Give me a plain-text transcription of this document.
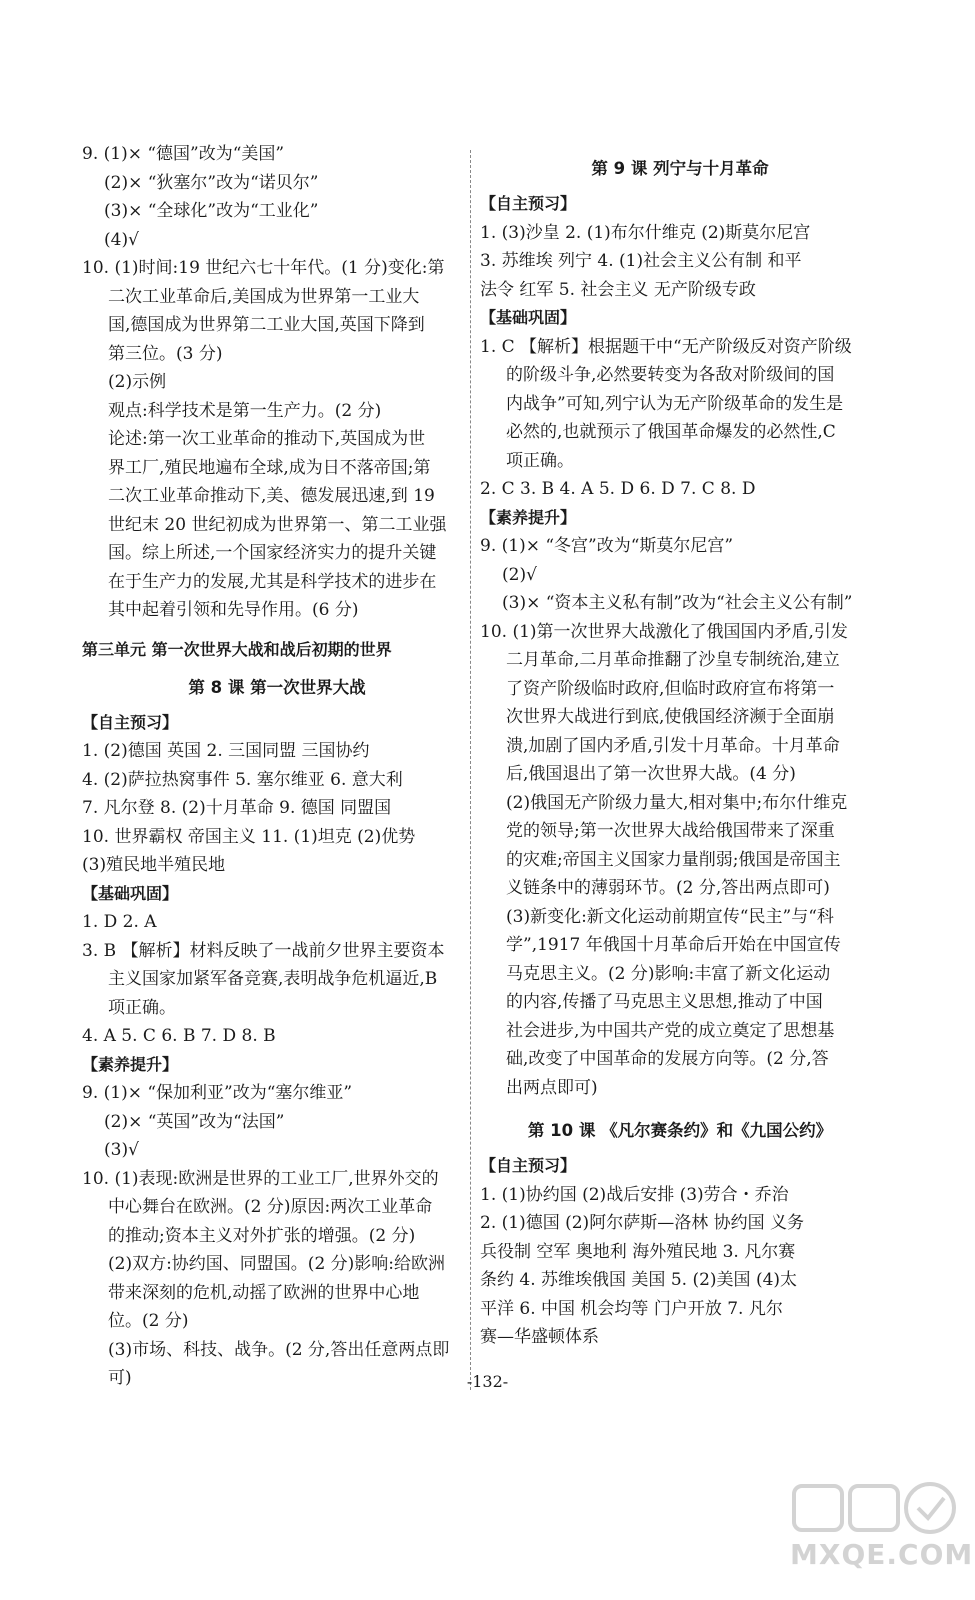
9. (1)× “德国”改为“美国”
(2)× “狄塞尔”改为“诺贝尔”
(3)× “全球化”改为“工业化”
(4)√
10. (1)时间:19 世纪六七十年代。(1 分)变化:第
二次工业革命后,美国成为世界第一工业大
国,德国成为世界第二工业大国,英国下降到
第三位。(3 分)
(2)示例
观点:科学技术是第一生产力。(2 分)
论述:第一次工业革命的推动下,英国成为世
界工厂,殖民地遍布全球,成为日不落帝国;第
二次工业革命推动下,美、德发展迅速,到 19
世纪末 20 世纪初成为世界第一、第二工业强
国。综上所述,一个国家经济实力的提升关键
在于生产力的发展,尤其是科学技术的进步在
其中起着引领和先导作用。(6 分)
第三单元 第一次世界大战和战后初期的世界
第 8 课 第一次世界大战
【自主预习】
1. (2)德国 英国 2. 三国同盟 三国协约
4. (2)萨拉热窝事件 5. 塞尔维亚 6. 意大利
7. 凡尔登 8. (2)十月革命 9. 德国 同盟国
10. 世界霸权 帝国主义 11. (1)坦克 (2)优势
(3)殖民地半殖民地
【基础巩固】
1. D 2. A
3. B 【解析】材料反映了一战前夕世界主要资本
主义国家加紧军备竞赛,表明战争危机逼近,B
项正确。
4. A 5. C 6. B 7. D 8. B
【素养提升】
9. (1)× “保加利亚”改为“塞尔维亚”
(2)× “英国”改为“法国”
(3)√
10. (1)表现:欧洲是世界的工业工厂,世界外交的
中心舞台在欧洲。(2 分)原因:两次工业革命
的推动;资本主义对外扩张的增强。(2 分)
(2)双方:协约国、同盟国。(2 分)影响:给欧洲
带来深刻的危机,动摇了欧洲的世界中心地
位。(2 分)
(3)市场、科技、战争。(2 分,答出任意两点即
可)
第 9 课 列宁与十月革命
【自主预习】
1. (3)沙皇 2. (1)布尔什维克 (2)斯莫尔尼宫
3. 苏维埃 列宁 4. (1)社会主义公有制 和平
法令 红军 5. 社会主义 无产阶级专政
【基础巩固】
1. C 【解析】根据题干中“无产阶级反对资产阶级
的阶级斗争,必然要转变为各敌对阶级间的国
内战争”可知,列宁认为无产阶级革命的发生是
必然的,也就预示了俄国革命爆发的必然性,C
项正确。
2. C 3. B 4. A 5. D 6. D 7. C 8. D
【素养提升】
9. (1)× “冬宫”改为“斯莫尔尼宫”
(2)√
(3)× “资本主义私有制”改为“社会主义公有制”
10. (1)第一次世界大战激化了俄国国内矛盾,引发
二月革命,二月革命推翻了沙皇专制统治,建立
了资产阶级临时政府,但临时政府宣布将第一
次世界大战进行到底,使俄国经济濒于全面崩
溃,加剧了国内矛盾,引发十月革命。十月革命
后,俄国退出了第一次世界大战。(4 分)
(2)俄国无产阶级力量大,相对集中;布尔什维克
党的领导;第一次世界大战给俄国带来了深重
的灾难;帝国主义国家力量削弱;俄国是帝国主
义链条中的薄弱环节。(2 分,答出两点即可)
(3)新变化:新文化运动前期宣传“民主”与“科
学”,1917 年俄国十月革命后开始在中国宣传
马克思主义。(2 分)影响:丰富了新文化运动
的内容,传播了马克思主义思想,推动了中国
社会进步,为中国共产党的成立奠定了思想基
础,改变了中国革命的发展方向等。(2 分,答
出两点即可)
第 10 课 《凡尔赛条约》和《九国公约》
【自主预习】
1. (1)协约国 (2)战后安排 (3)劳合・乔治
2. (1)德国 (2)阿尔萨斯—洛林 协约国 义务
兵役制 空军 奥地利 海外殖民地 3. 凡尔赛
条约 4. 苏维埃俄国 美国 5. (2)美国 (4)太
平洋 6. 中国 机会均等 门户开放 7. 凡尔
赛—华盛顿体系
-132-
MXQE.COM
